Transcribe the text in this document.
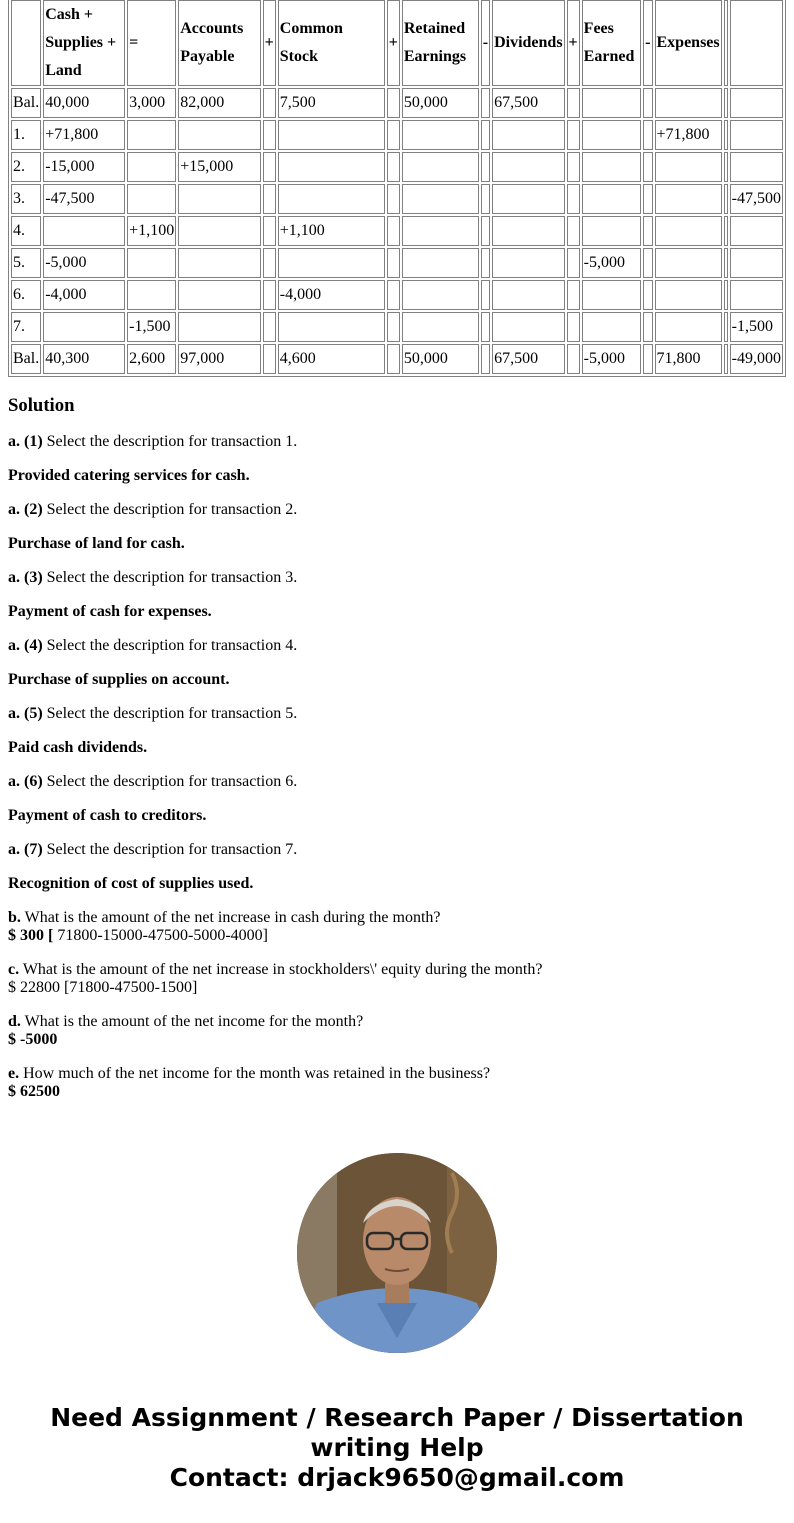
	Cash +
Supplies +
Land	=	Accounts Payable	+	Common Stock	+	Retained Earnings	-	Dividends	+	Fees Earned	-	Expenses		
Bal.	40,000	3,000	82,000		7,500		50,000		67,500						
1.	+71,800												+71,800		
2.	-15,000		+15,000												
3.	-47,500														-47,500
4.		+1,100			+1,100										
5.	-5,000										-5,000				
6.	-4,000				-4,000										
7.		-1,500													-1,500
Bal.	40,300	2,600	97,000		4,600		50,000		67,500		-5,000		71,800		-49,000
Solution

a. (1) Select the description for transaction 1.

Provided catering services for cash.

a. (2) Select the description for transaction 2.

Purchase of land for cash.

a. (3) Select the description for transaction 3.

Payment of cash for expenses.

a. (4) Select the description for transaction 4.

Purchase of supplies on account.

a. (5) Select the description for transaction 5.

Paid cash dividends.

a. (6) Select the description for transaction 6.

Payment of cash to creditors.

a. (7) Select the description for transaction 7.

Recognition of cost of supplies used.

b. What is the amount of the net increase in cash during the month?
$ 300 [ 71800-15000-47500-5000-4000]

c. What is the amount of the net increase in stockholders\' equity during the month?
$ 22800 [71800-47500-1500]

d. What is the amount of the net income for the month?
$ -5000

e. How much of the net income for the month was retained in the business?
$ 62500

Need Assignment / Research Paper / Dissertation
writing Help
Contact: drjack9650@gmail.com
